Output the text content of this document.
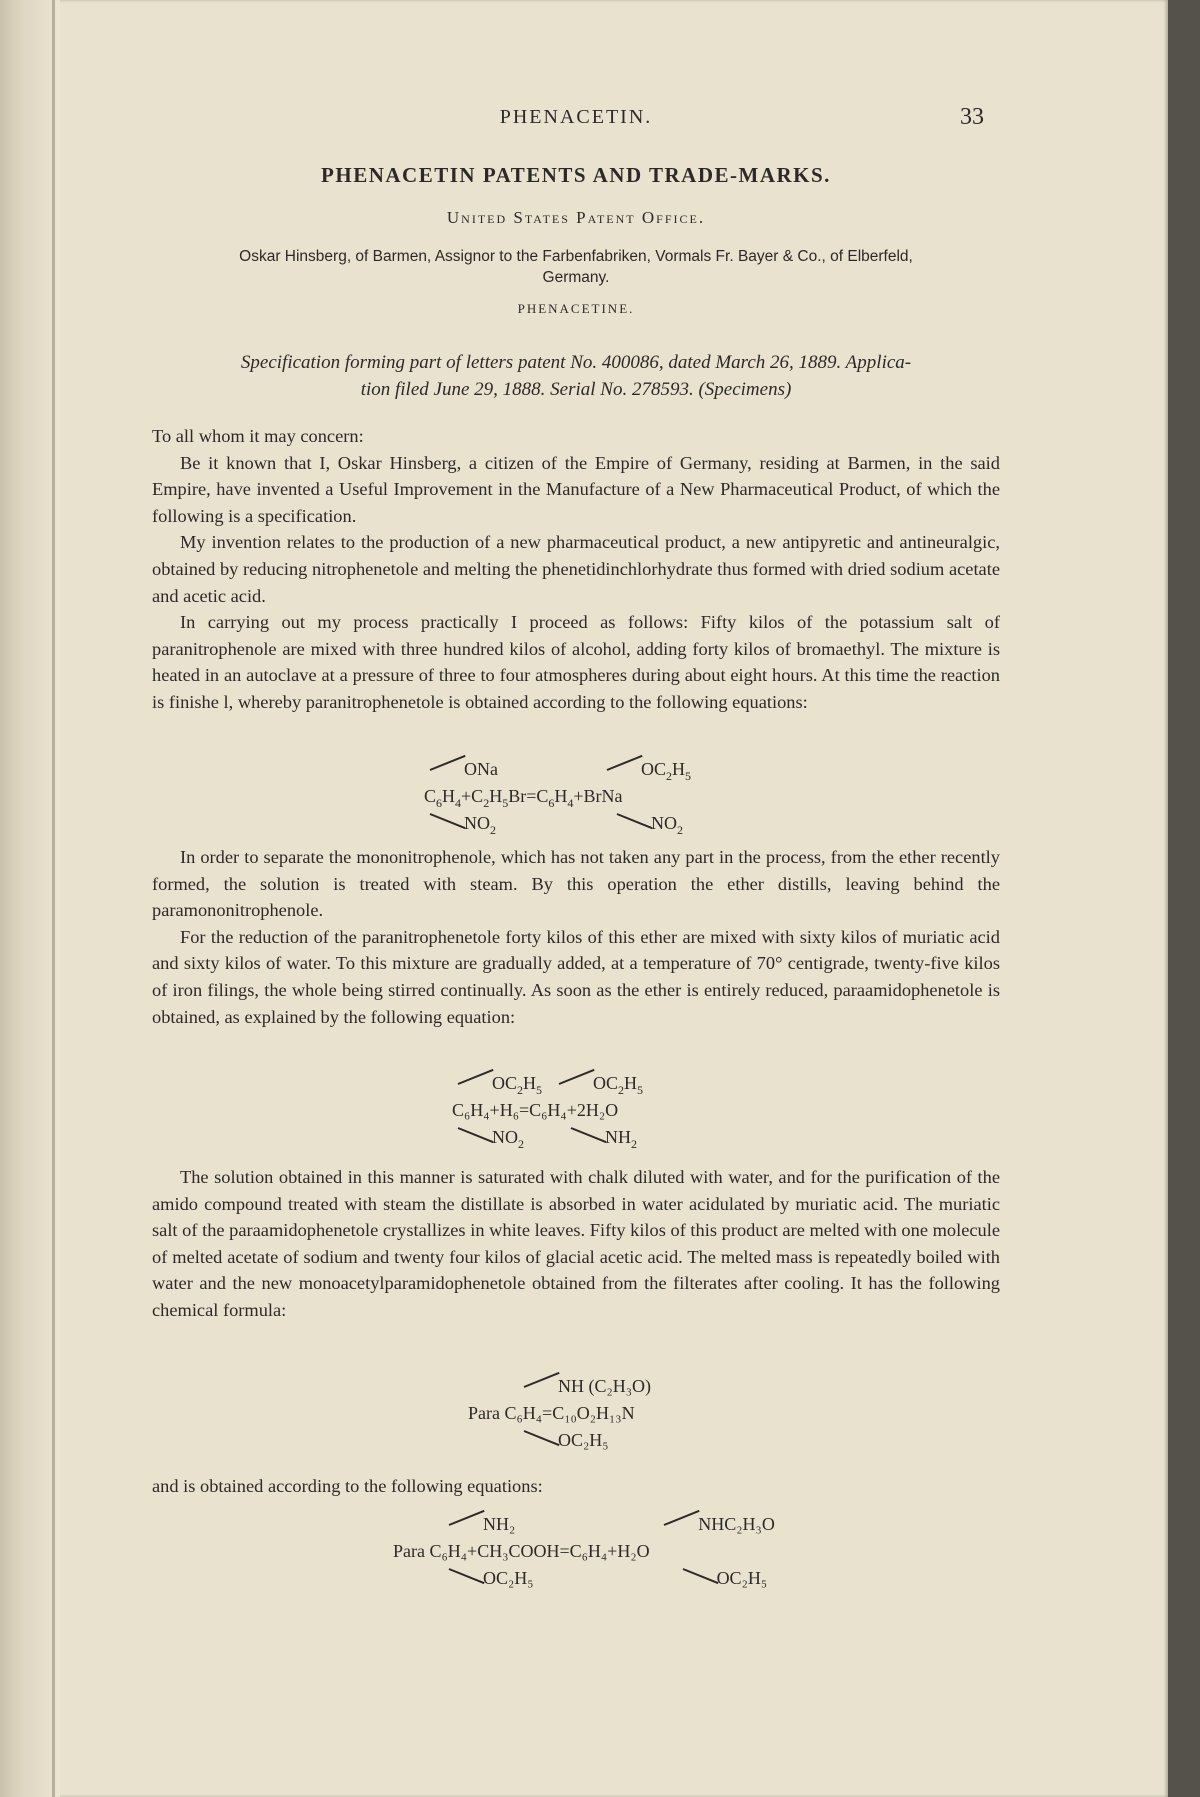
PHENACETIN.	33
PHENACETIN PATENTS AND TRADE-MARKS.
United States Patent Office.
Oskar Hinsberg, of Barmen, Assignor to the Farbenfabriken, Vormals Fr. Bayer & Co., of Elberfeld,
Germany.
PHENACETINE.
Specification forming part of letters patent No. 400086, dated March 26, 1889. Applica-
tion filed June 29, 1888. Serial No. 278593. (Specimens)

To all whom it may concern:

Be it known that I, Oskar Hinsberg, a citizen of the Empire of Germany, residing at Barmen, in the said Empire, have invented a Useful Improvement in the Manufacture of a New Pharmaceutical Product, of which the following is a specification.

My invention relates to the production of a new pharmaceutical product, a new antipyretic and antineuralgic, obtained by reducing nitrophenetole and melting the phenetidinchlorhydrate thus formed with dried sodium acetate and acetic acid.

In carrying out my process practically I proceed as follows: Fifty kilos of the potassium salt of paranitrophenole are mixed with three hundred kilos of alcohol, adding forty kilos of bromaethyl. The mixture is heated in an autoclave at a pressure of three to four atmospheres during about eight hours. At this time the reaction is finishe l, whereby paranitrophenetole is obtained according to the following equations:

ONa	$OC_2H_5$
$C_6H_4+C_2H_5Br=C_6H_4+BrNa$
$NO_2$	$NO_2$

In order to separate the mononitrophenole, which has not taken any part in the process, from the ether recently formed, the solution is treated with steam. By this operation the ether distills, leaving behind the paramononitrophenole.

For the reduction of the paranitrophenetole forty kilos of this ether are mixed with sixty kilos of muriatic acid and sixty kilos of water. To this mixture are gradually added, at a temperature of 70° centigrade, twenty-five kilos of iron filings, the whole being stirred continually. As soon as the ether is entirely reduced, paraamidophenetole is obtained, as explained by the following equation:

$OC_2H_5$	$OC_2H_5$
C₆H₄+H₆=C₆H₄+2H₂O
$NO_2$	$NH_2$

The solution obtained in this manner is saturated with chalk diluted with water, and for the purification of the amido compound treated with steam the distillate is absorbed in water acidulated by muriatic acid. The muriatic salt of the paraamidophenetole crystallizes in white leaves. Fifty kilos of this product are melted with one molecule of melted acetate of sodium and twenty four kilos of glacial acetic acid. The melted mass is repeatedly boiled with water and the new monoacetylparamidophenetole obtained from the filterates after cooling. It has the following chemical formula:

NH (C₂H₃O)
Para C₆H₄=C₁₀O₂H₁₃N
OC₂H₅

and is obtained according to the following equations:

NH₂	NHC₂H₃O
Para C₆H₄+CH₃COOH=C₆H₄+H₂O
OC₂H₅	OC₂H₅
